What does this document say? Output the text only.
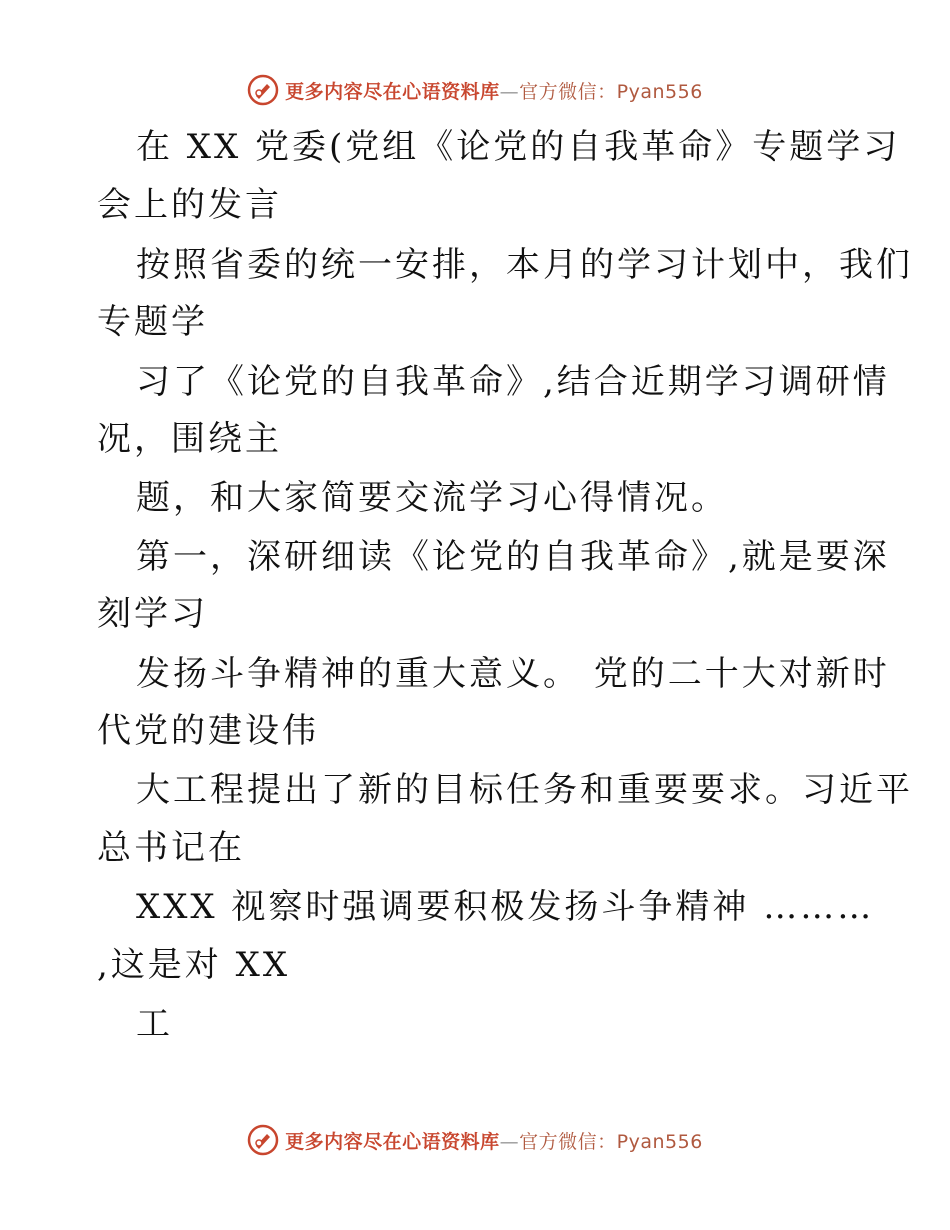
更多内容尽在心语资料库—官方微信：Pyan556
在 XX 党委(党组《论党的自我革命》专题学习
会上的发言
按照省委的统一安排，本月的学习计划中，我们
专题学
习了《论党的自我革命》,结合近期学习调研情
况，围绕主
题，和大家简要交流学习心得情况。
第一，深研细读《论党的自我革命》,就是要深
刻学习
发扬斗争精神的重大意义。 党的二十大对新时
代党的建设伟
大工程提出了新的目标任务和重要要求。习近平
总书记在
XXX 视察时强调要积极发扬斗争精神 ………
,这是对 XX
工
更多内容尽在心语资料库—官方微信：Pyan556
